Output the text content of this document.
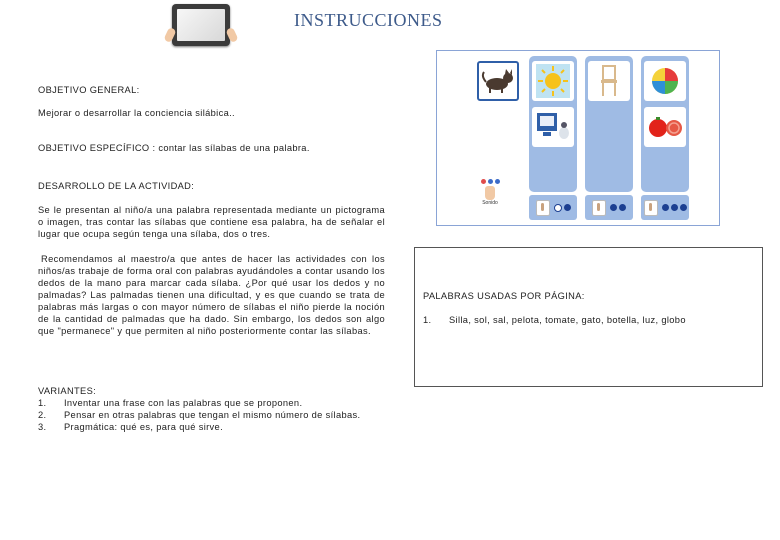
INSTRUCCIONES
OBJETIVO GENERAL:
Mejorar o desarrollar la conciencia silábica..
OBJETIVO ESPECÍFICO : contar las sílabas de una palabra.
DESARROLLO DE LA ACTIVIDAD:
Se le presentan al niño/a una palabra representada mediante un pictograma o imagen, tras contar las sílabas que contiene esa palabra, ha de señalar el lugar que ocupa según tenga una sílaba, dos o tres.
Recomendamos al maestro/a que antes de hacer las actividades con los niños/as trabaje de forma oral con palabras ayudándoles a contar usando los dedos de la mano para marcar cada sílaba. ¿Por qué usar los dedos y no palmadas? Las palmadas tienen una dificultad, y es que cuando se trata de palabras más largas o con mayor número de sílabas el niño pierde la noción de la cantidad de palmadas que ha dado. Sin embargo, los dedos son algo que "permanece" y que permiten al niño posteriormente contar las sílabas.
VARIANTES:
1.	Inventar una frase con las palabras que se proponen.
2.	Pensar en otras palabras que tengan el mismo número de sílabas.
3.	Pragmática: qué es, para qué sirve.
Sonido
PALABRAS USADAS POR PÁGINA:
1.	Silla, sol, sal, pelota, tomate, gato, botella, luz, globo
